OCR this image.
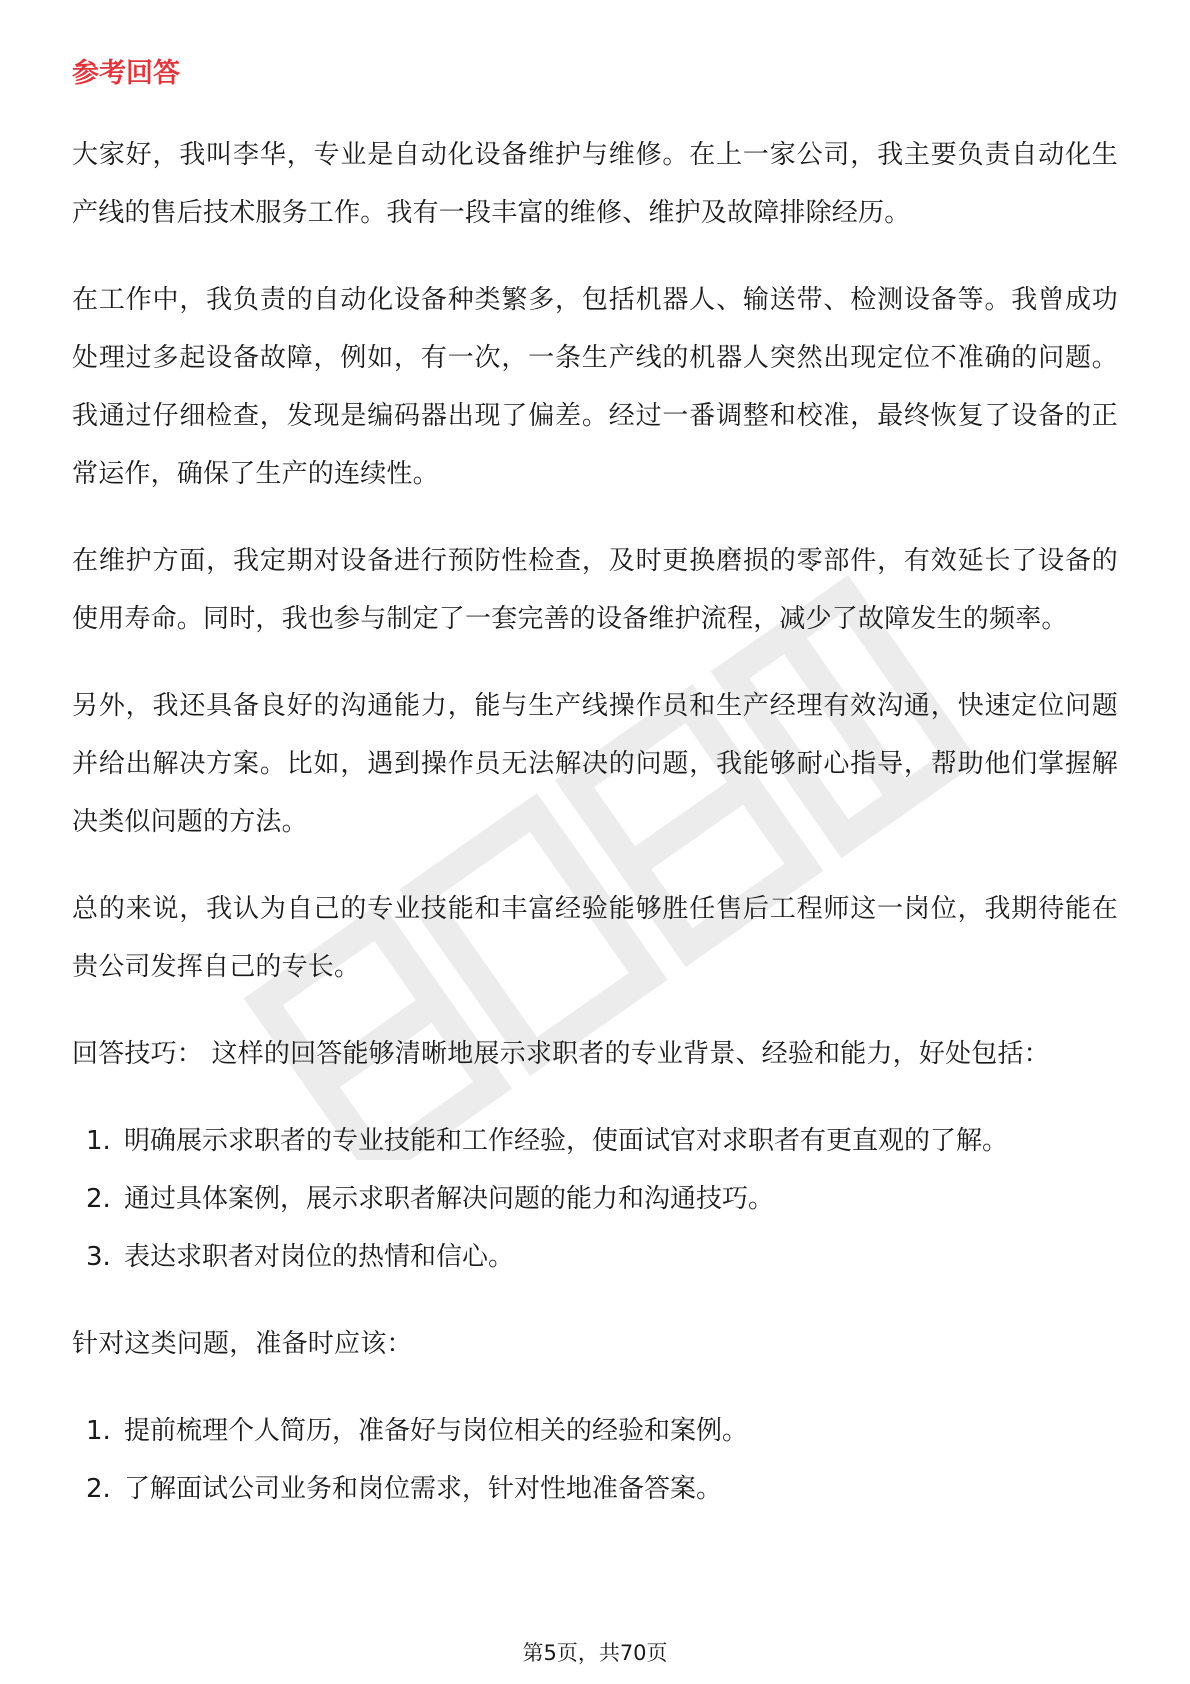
参考回答

大家好，我叫李华，专业是自动化设备维护与维修。在上一家公司，我主要负责自动化生产线的售后技术服务工作。我有一段丰富的维修、维护及故障排除经历。

在工作中，我负责的自动化设备种类繁多，包括机器人、输送带、检测设备等。我曾成功处理过多起设备故障，例如，有一次，一条生产线的机器人突然出现定位不准确的问题。我通过仔细检查，发现是编码器出现了偏差。经过一番调整和校准，最终恢复了设备的正常运作，确保了生产的连续性。

在维护方面，我定期对设备进行预防性检查，及时更换磨损的零部件，有效延长了设备的使用寿命。同时，我也参与制定了一套完善的设备维护流程，减少了故障发生的频率。

另外，我还具备良好的沟通能力，能与生产线操作员和生产经理有效沟通，快速定位问题并给出解决方案。比如，遇到操作员无法解决的问题，我能够耐心指导，帮助他们掌握解决类似问题的方法。

总的来说，我认为自己的专业技能和丰富经验能够胜任售后工程师这一岗位，我期待能在贵公司发挥自己的专长。

回答技巧： 这样的回答能够清晰地展示求职者的专业背景、经验和能力，好处包括：

1. 明确展示求职者的专业技能和工作经验，使面试官对求职者有更直观的了解。
2. 通过具体案例，展示求职者解决问题的能力和沟通技巧。
3. 表达求职者对岗位的热情和信心。

针对这类问题，准备时应该：

1. 提前梳理个人简历，准备好与岗位相关的经验和案例。
2. 了解面试公司业务和岗位需求，针对性地准备答案。
第5页，共70页
